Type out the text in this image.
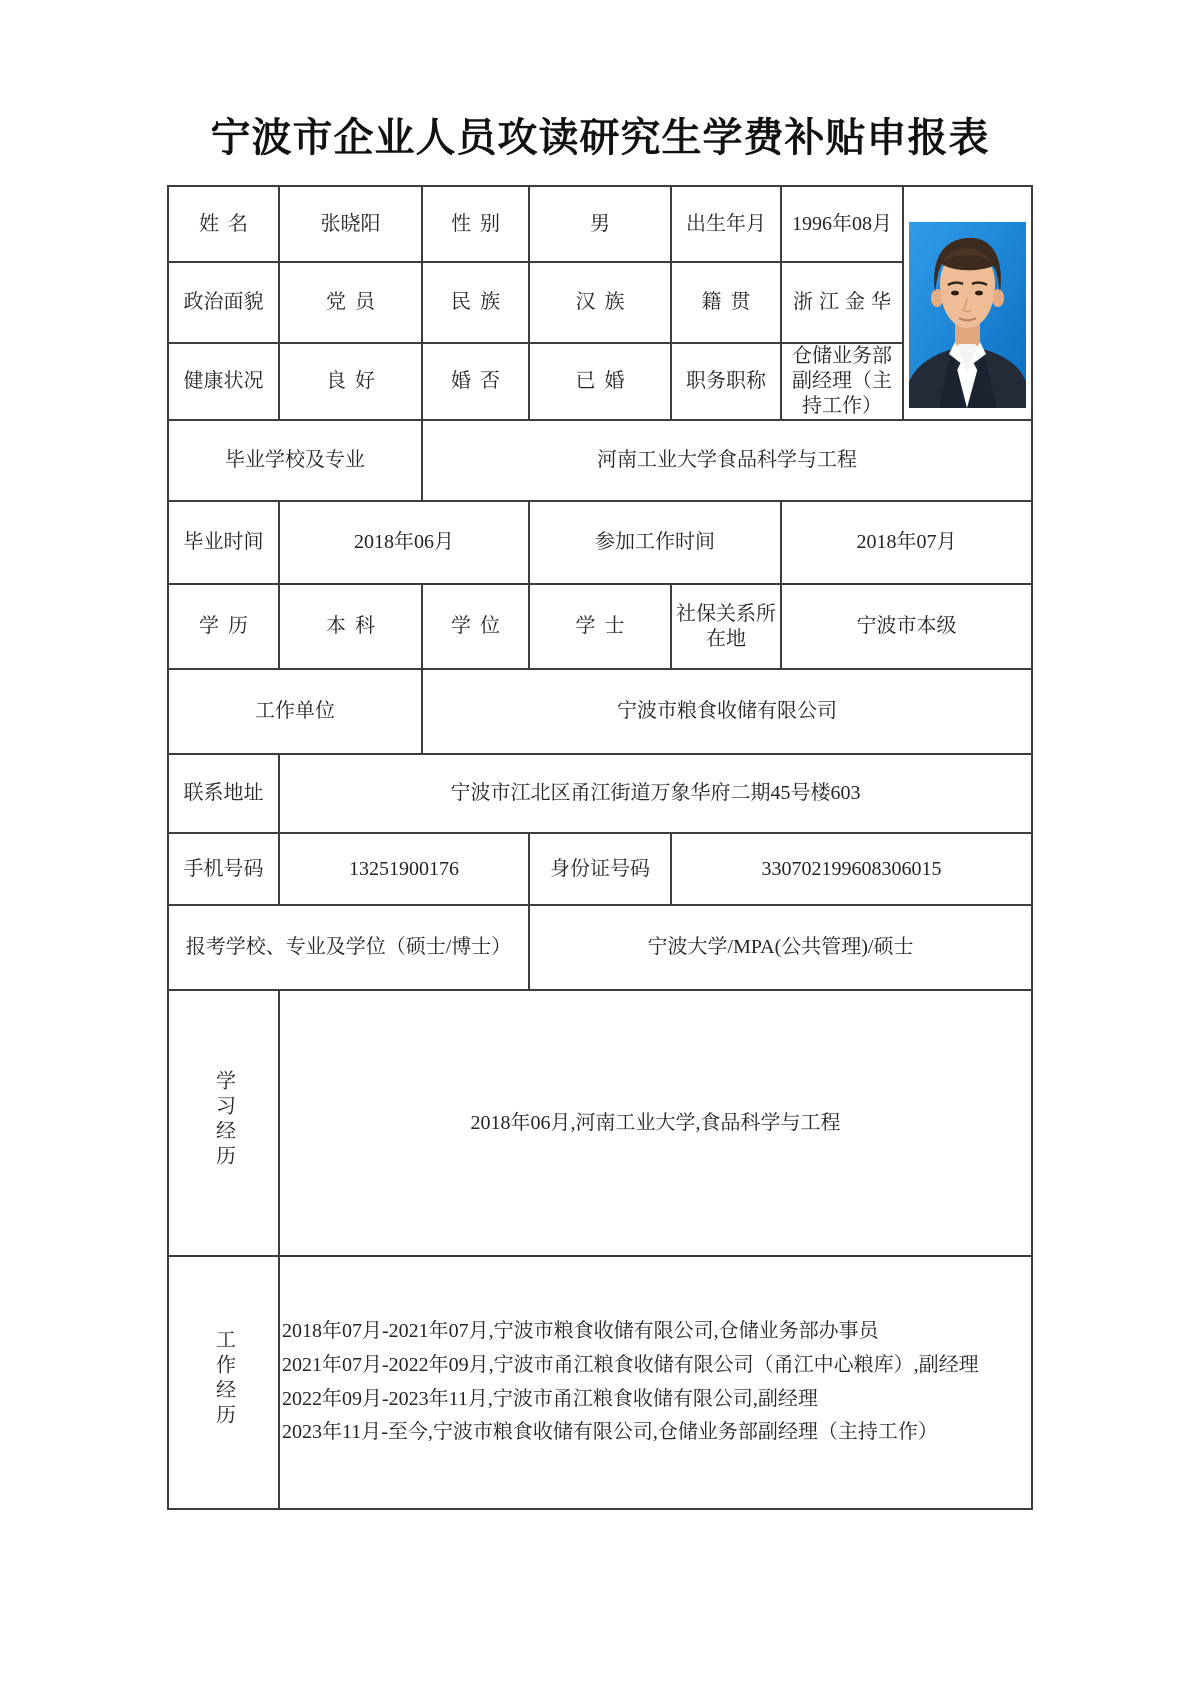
宁波市企业人员攻读研究生学费补贴申报表
姓名	张晓阳	性别	男	出生年月	1996年08月	

政治面貌	党员	民族	汉族	籍贯	浙江金华	
健康状况	良好	婚否	已婚	职务职称	仓储业务部副经理（主持工作）	
毕业学校及专业		河南工业大学食品科学与工程				
毕业时间	2018年06月		参加工作时间		2018年07月	
学历	本科	学位	学士	社保关系所在地	宁波市本级	
工作单位		宁波市粮食收储有限公司				
联系地址	宁波市江北区甬江街道万象华府二期45号楼603					
手机号码	13251900176		身份证号码	330702199608306015		
报考学校、专业及学位（硕士/博士）			宁波大学/MPA(公共管理)/硕士			
学习经历	2018年06月,河南工业大学,食品科学与工程					
工作经历	2018年07月-2021年07月,宁波市粮食收储有限公司,仓储业务部办事员

2021年07月-2022年09月,宁波市甬江粮食收储有限公司（甬江中心粮库）,副经理

2022年09月-2023年11月,宁波市甬江粮食收储有限公司,副经理

2023年11月-至今,宁波市粮食收储有限公司,仓储业务部副经理（主持工作）					
